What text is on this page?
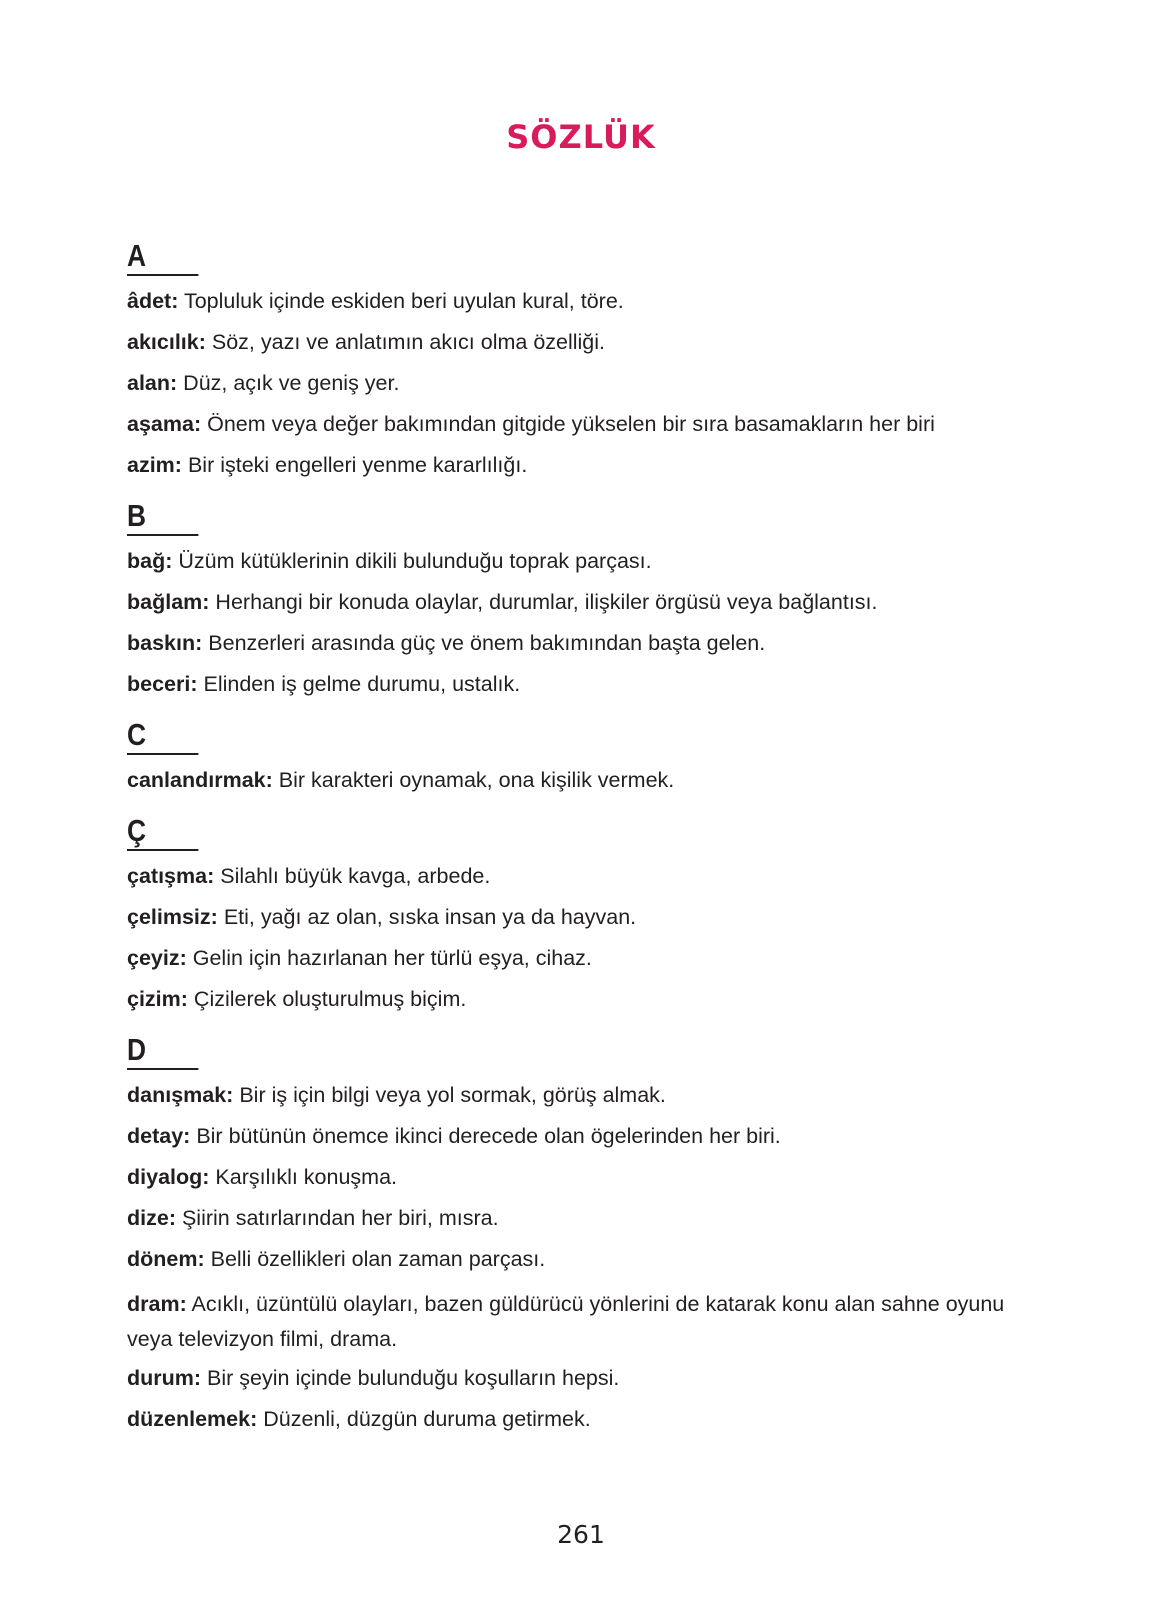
SÖZLÜK
A

âdet: Topluluk içinde eskiden beri uyulan kural, töre.

akıcılık: Söz, yazı ve anlatımın akıcı olma özelliği.

alan: Düz, açık ve geniş yer.

aşama: Önem veya değer bakımından gitgide yükselen bir sıra basamakların her biri

azim: Bir işteki engelleri yenme kararlılığı.

B

bağ: Üzüm kütüklerinin dikili bulunduğu toprak parçası.

bağlam: Herhangi bir konuda olaylar, durumlar, ilişkiler örgüsü veya bağlantısı.

baskın: Benzerleri arasında güç ve önem bakımından başta gelen.

beceri: Elinden iş gelme durumu, ustalık.

C

canlandırmak: Bir karakteri oynamak, ona kişilik vermek.

Ç

çatışma: Silahlı büyük kavga, arbede.

çelimsiz: Eti, yağı az olan, sıska insan ya da hayvan.

çeyiz: Gelin için hazırlanan her türlü eşya, cihaz.

çizim: Çizilerek oluşturulmuş biçim.

D

danışmak: Bir iş için bilgi veya yol sormak, görüş almak.

detay: Bir bütünün önemce ikinci derecede olan ögelerinden her biri.

diyalog: Karşılıklı konuşma.

dize: Şiirin satırlarından her biri, mısra.

dönem: Belli özellikleri olan zaman parçası.

dram: Acıklı, üzüntülü olayları, bazen güldürücü yönlerini de katarak konu alan sahne oyunu veya televizyon filmi, drama.

durum: Bir şeyin içinde bulunduğu koşulların hepsi.

düzenlemek: Düzenli, düzgün duruma getirmek.

261
